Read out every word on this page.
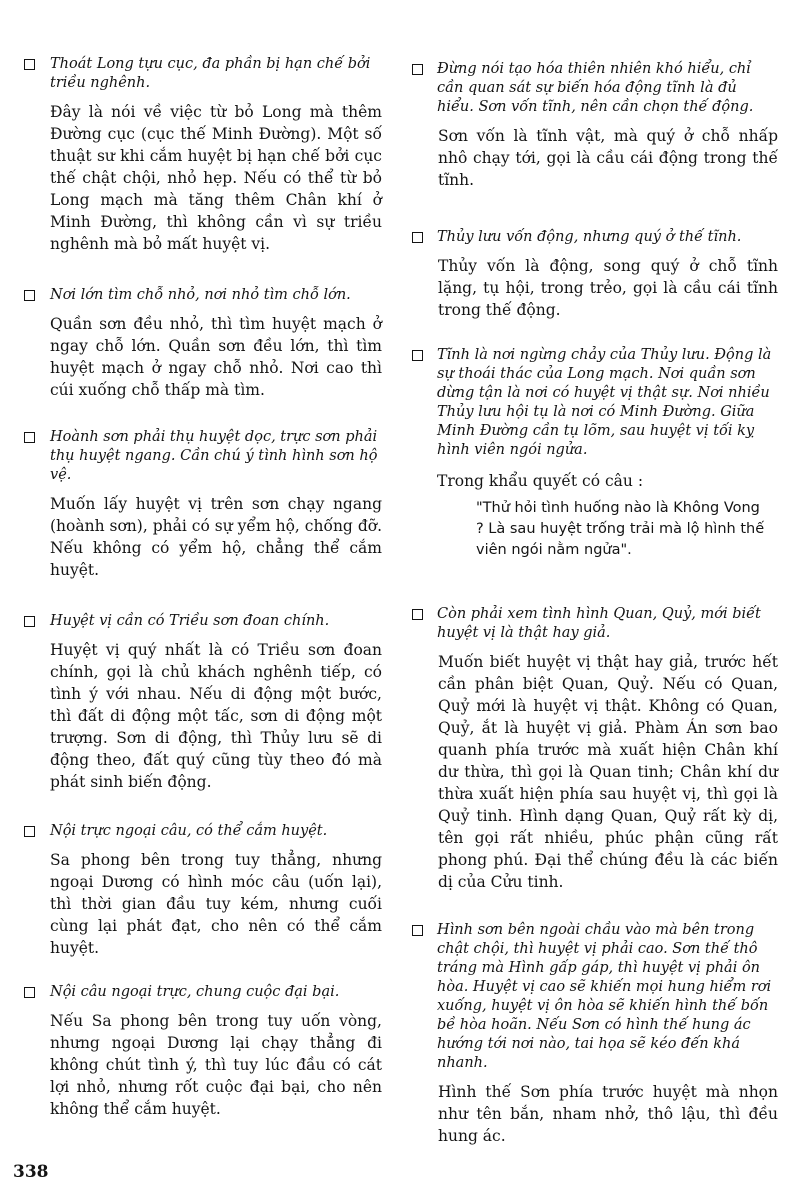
Thoát Long tựu cục, đa phần bị hạn chế bởi triều nghênh.
Đây là nói về việc từ bỏ Long mà thêm Đường cục (cục thế Minh Đường). Một số thuật sư khi cắm huyệt bị hạn chế bởi cục thế chật chội, nhỏ hẹp. Nếu có thể từ bỏ Long mạch mà tăng thêm Chân khí ở Minh Đường, thì không cần vì sự triều nghênh mà bỏ mất huyệt vị.
Nơi lớn tìm chỗ nhỏ, nơi nhỏ tìm chỗ lớn.
Quần sơn đều nhỏ, thì tìm huyệt mạch ở ngay chỗ lớn. Quần sơn đều lớn, thì tìm huyệt mạch ở ngay chỗ nhỏ. Nơi cao thì cúi xuống chỗ thấp mà tìm.
Hoành sơn phải thụ huyệt dọc, trực sơn phải thụ huyệt ngang. Cần chú ý tình hình sơn hộ vệ.
Muốn lấy huyệt vị trên sơn chạy ngang (hoành sơn), phải có sự yểm hộ, chống đỡ. Nếu không có yểm hộ, chẳng thể cắm huyệt.
Huyệt vị cần có Triều sơn đoan chính.
Huyệt vị quý nhất là có Triều sơn đoan chính, gọi là chủ khách nghênh tiếp, có tình ý với nhau. Nếu di động một bước, thì đất di động một tấc, sơn di động một trượng. Sơn di động, thì Thủy lưu sẽ di động theo, đất quý cũng tùy theo đó mà phát sinh biến động.
Nội trực ngoại câu, có thể cắm huyệt.
Sa phong bên trong tuy thẳng, nhưng ngoại Dương có hình móc câu (uốn lại), thì thời gian đầu tuy kém, nhưng cuối cùng lại phát đạt, cho nên có thể cắm huyệt.
Nội câu ngoại trực, chung cuộc đại bại.
Nếu Sa phong bên trong tuy uốn vòng, nhưng ngoại Dương lại chạy thẳng đi không chút tình ý, thì tuy lúc đầu có cát lợi nhỏ, nhưng rốt cuộc đại bại, cho nên không thể cắm huyệt.
Đừng nói tạo hóa thiên nhiên khó hiểu, chỉ cần quan sát sự biến hóa động tĩnh là đủ hiểu. Sơn vốn tĩnh, nên cần chọn thế động.
Sơn vốn là tĩnh vật, mà quý ở chỗ nhấp nhô chạy tới, gọi là cầu cái động trong thế tĩnh.
Thủy lưu vốn động, nhưng quý ở thế tĩnh.
Thủy vốn là động, song quý ở chỗ tĩnh lặng, tụ hội, trong trẻo, gọi là cầu cái tĩnh trong thế động.
Tĩnh là nơi ngừng chảy của Thủy lưu. Động là sự thoái thác của Long mạch. Nơi quần sơn dừng tận là nơi có huyệt vị thật sự. Nơi nhiều Thủy lưu hội tụ là nơi có Minh Đường. Giữa Minh Đường cần tụ lõm, sau huyệt vị tối kỵ hình viên ngói ngửa.
Trong khẩu quyết có câu :
"Thử hỏi tình huống nào là Không Vong ? Là sau huyệt trống trải mà lộ hình thế viên ngói nằm ngửa".
Còn phải xem tình hình Quan, Quỷ, mới biết huyệt vị là thật hay giả.
Muốn biết huyệt vị thật hay giả, trước hết cần phân biệt Quan, Quỷ. Nếu có Quan, Quỷ mới là huyệt vị thật. Không có Quan, Quỷ, ắt là huyệt vị giả. Phàm Án sơn bao quanh phía trước mà xuất hiện Chân khí dư thừa, thì gọi là Quan tinh; Chân khí dư thừa xuất hiện phía sau huyệt vị, thì gọi là Quỷ tinh. Hình dạng Quan, Quỷ rất kỳ dị, tên gọi rất nhiều, phúc phận cũng rất phong phú. Đại thể chúng đều là các biến dị của Cửu tinh.
Hình sơn bên ngoài chầu vào mà bên trong chật chội, thì huyệt vị phải cao. Sơn thế thô tráng mà Hình gấp gáp, thì huyệt vị phải ôn hòa. Huyệt vị cao sẽ khiến mọi hung hiểm rơi xuống, huyệt vị ôn hòa sẽ khiến hình thế bốn bề hòa hoãn. Nếu Sơn có hình thế hung ác hướng tới nơi nào, tai họa sẽ kéo đến khá nhanh.
Hình thế Sơn phía trước huyệt mà nhọn như tên bắn, nham nhở, thô lậu, thì đều hung ác.
338
